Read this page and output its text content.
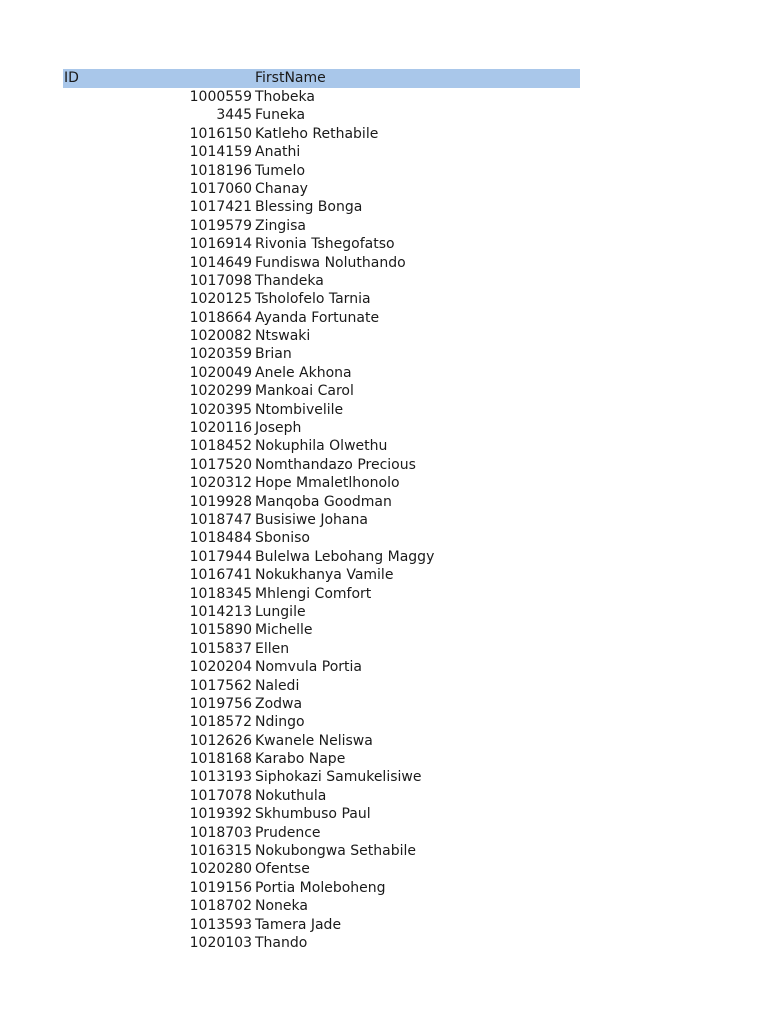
ID	FirstName
1000559 Thobeka
3445 Funeka
1016150 Katleho Rethabile
1014159 Anathi
1018196 Tumelo
1017060 Chanay
1017421 Blessing Bonga
1019579 Zingisa
1016914 Rivonia Tshegofatso
1014649 Fundiswa Noluthando
1017098 Thandeka
1020125 Tsholofelo Tarnia
1018664 Ayanda Fortunate
1020082 Ntswaki
1020359 Brian
1020049 Anele Akhona
1020299 Mankoai Carol
1020395 Ntombivelile
1020116 Joseph
1018452 Nokuphila Olwethu
1017520 Nomthandazo Precious
1020312 Hope Mmaletlhonolo
1019928 Manqoba Goodman
1018747 Busisiwe Johana
1018484 Sboniso
1017944 Bulelwa Lebohang Maggy
1016741 Nokukhanya Vamile
1018345 Mhlengi Comfort
1014213 Lungile
1015890 Michelle
1015837 Ellen
1020204 Nomvula Portia
1017562 Naledi
1019756 Zodwa
1018572 Ndingo
1012626 Kwanele Neliswa
1018168 Karabo Nape
1013193 Siphokazi Samukelisiwe
1017078 Nokuthula
1019392 Skhumbuso Paul
1018703 Prudence
1016315 Nokubongwa Sethabile
1020280 Ofentse
1019156 Portia Moleboheng
1018702 Noneka
1013593 Tamera Jade
1020103 Thando
